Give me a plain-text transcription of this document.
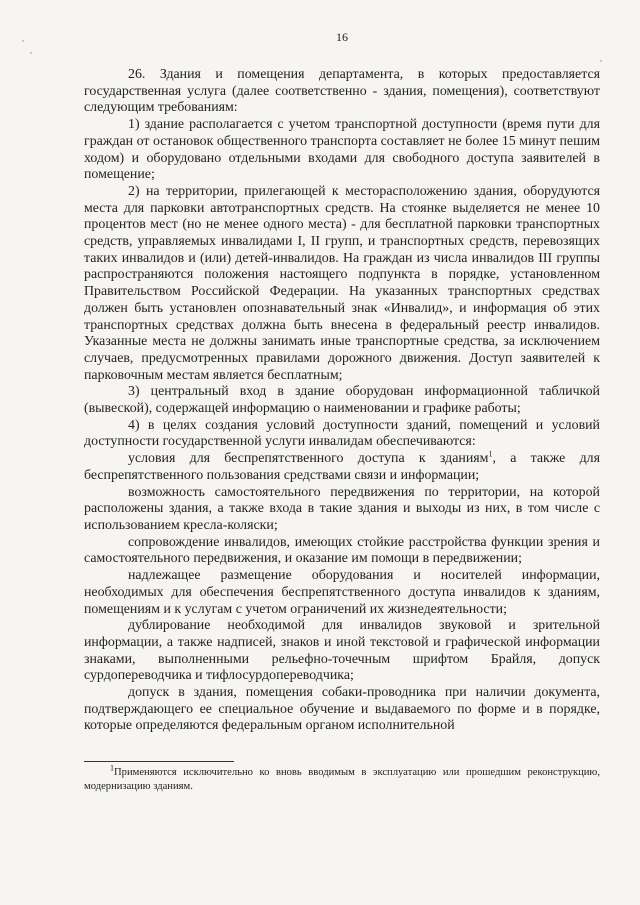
16

26. Здания и помещения департамента, в которых предоставляется государственная услуга (далее соответственно - здания, помещения), соответствуют следующим требованиям:

1) здание располагается с учетом транспортной доступности (время пути для граждан от остановок общественного транспорта составляет не более 15 минут пешим ходом) и оборудовано отдельными входами для свободного доступа заявителей в помещение;

2) на территории, прилегающей к месторасположению здания, оборудуются места для парковки автотранспортных средств. На стоянке выделяется не менее 10 процентов мест (но не менее одного места) - для бесплатной парковки транспортных средств, управляемых инвалидами I, II групп, и транспортных средств, перевозящих таких инвалидов и (или) детей-инвалидов. На граждан из числа инвалидов III группы распространяются положения настоящего подпункта в порядке, установленном Правительством Российской Федерации. На указанных транспортных средствах должен быть установлен опознавательный знак «Инвалид», и информация об этих транспортных средствах должна быть внесена в федеральный реестр инвалидов. Указанные места не должны занимать иные транспортные средства, за исключением случаев, предусмотренных правилами дорожного движения. Доступ заявителей к парковочным местам является бесплатным;

3) центральный вход в здание оборудован информационной табличкой (вывеской), содержащей информацию о наименовании и графике работы;

4) в целях создания условий доступности зданий, помещений и условий доступности государственной услуги инвалидам обеспечиваются:

условия для беспрепятственного доступа к зданиям$^1$, а также для беспрепятственного пользования средствами связи и информации;

возможность самостоятельного передвижения по территории, на которой расположены здания, а также входа в такие здания и выходы из них, в том числе с использованием кресла-коляски;

сопровождение инвалидов, имеющих стойкие расстройства функции зрения и самостоятельного передвижения, и оказание им помощи в передвижении;

надлежащее размещение оборудования и носителей информации, необходимых для обеспечения беспрепятственного доступа инвалидов к зданиям, помещениям и к услугам с учетом ограничений их жизнедеятельности;

дублирование необходимой для инвалидов звуковой и зрительной информации, а также надписей, знаков и иной текстовой и графической информации знаками, выполненными рельефно-точечным шрифтом Брайля, допуск сурдопереводчика и тифлосурдопереводчика;

допуск в здания, помещения собаки-проводника при наличии документа, подтверждающего ее специальное обучение и выдаваемого по форме и в порядке, которые определяются федеральным органом исполнительной

$^1$Применяются исключительно ко вновь вводимым в эксплуатацию или прошедшим реконструкцию, модернизацию зданиям.
